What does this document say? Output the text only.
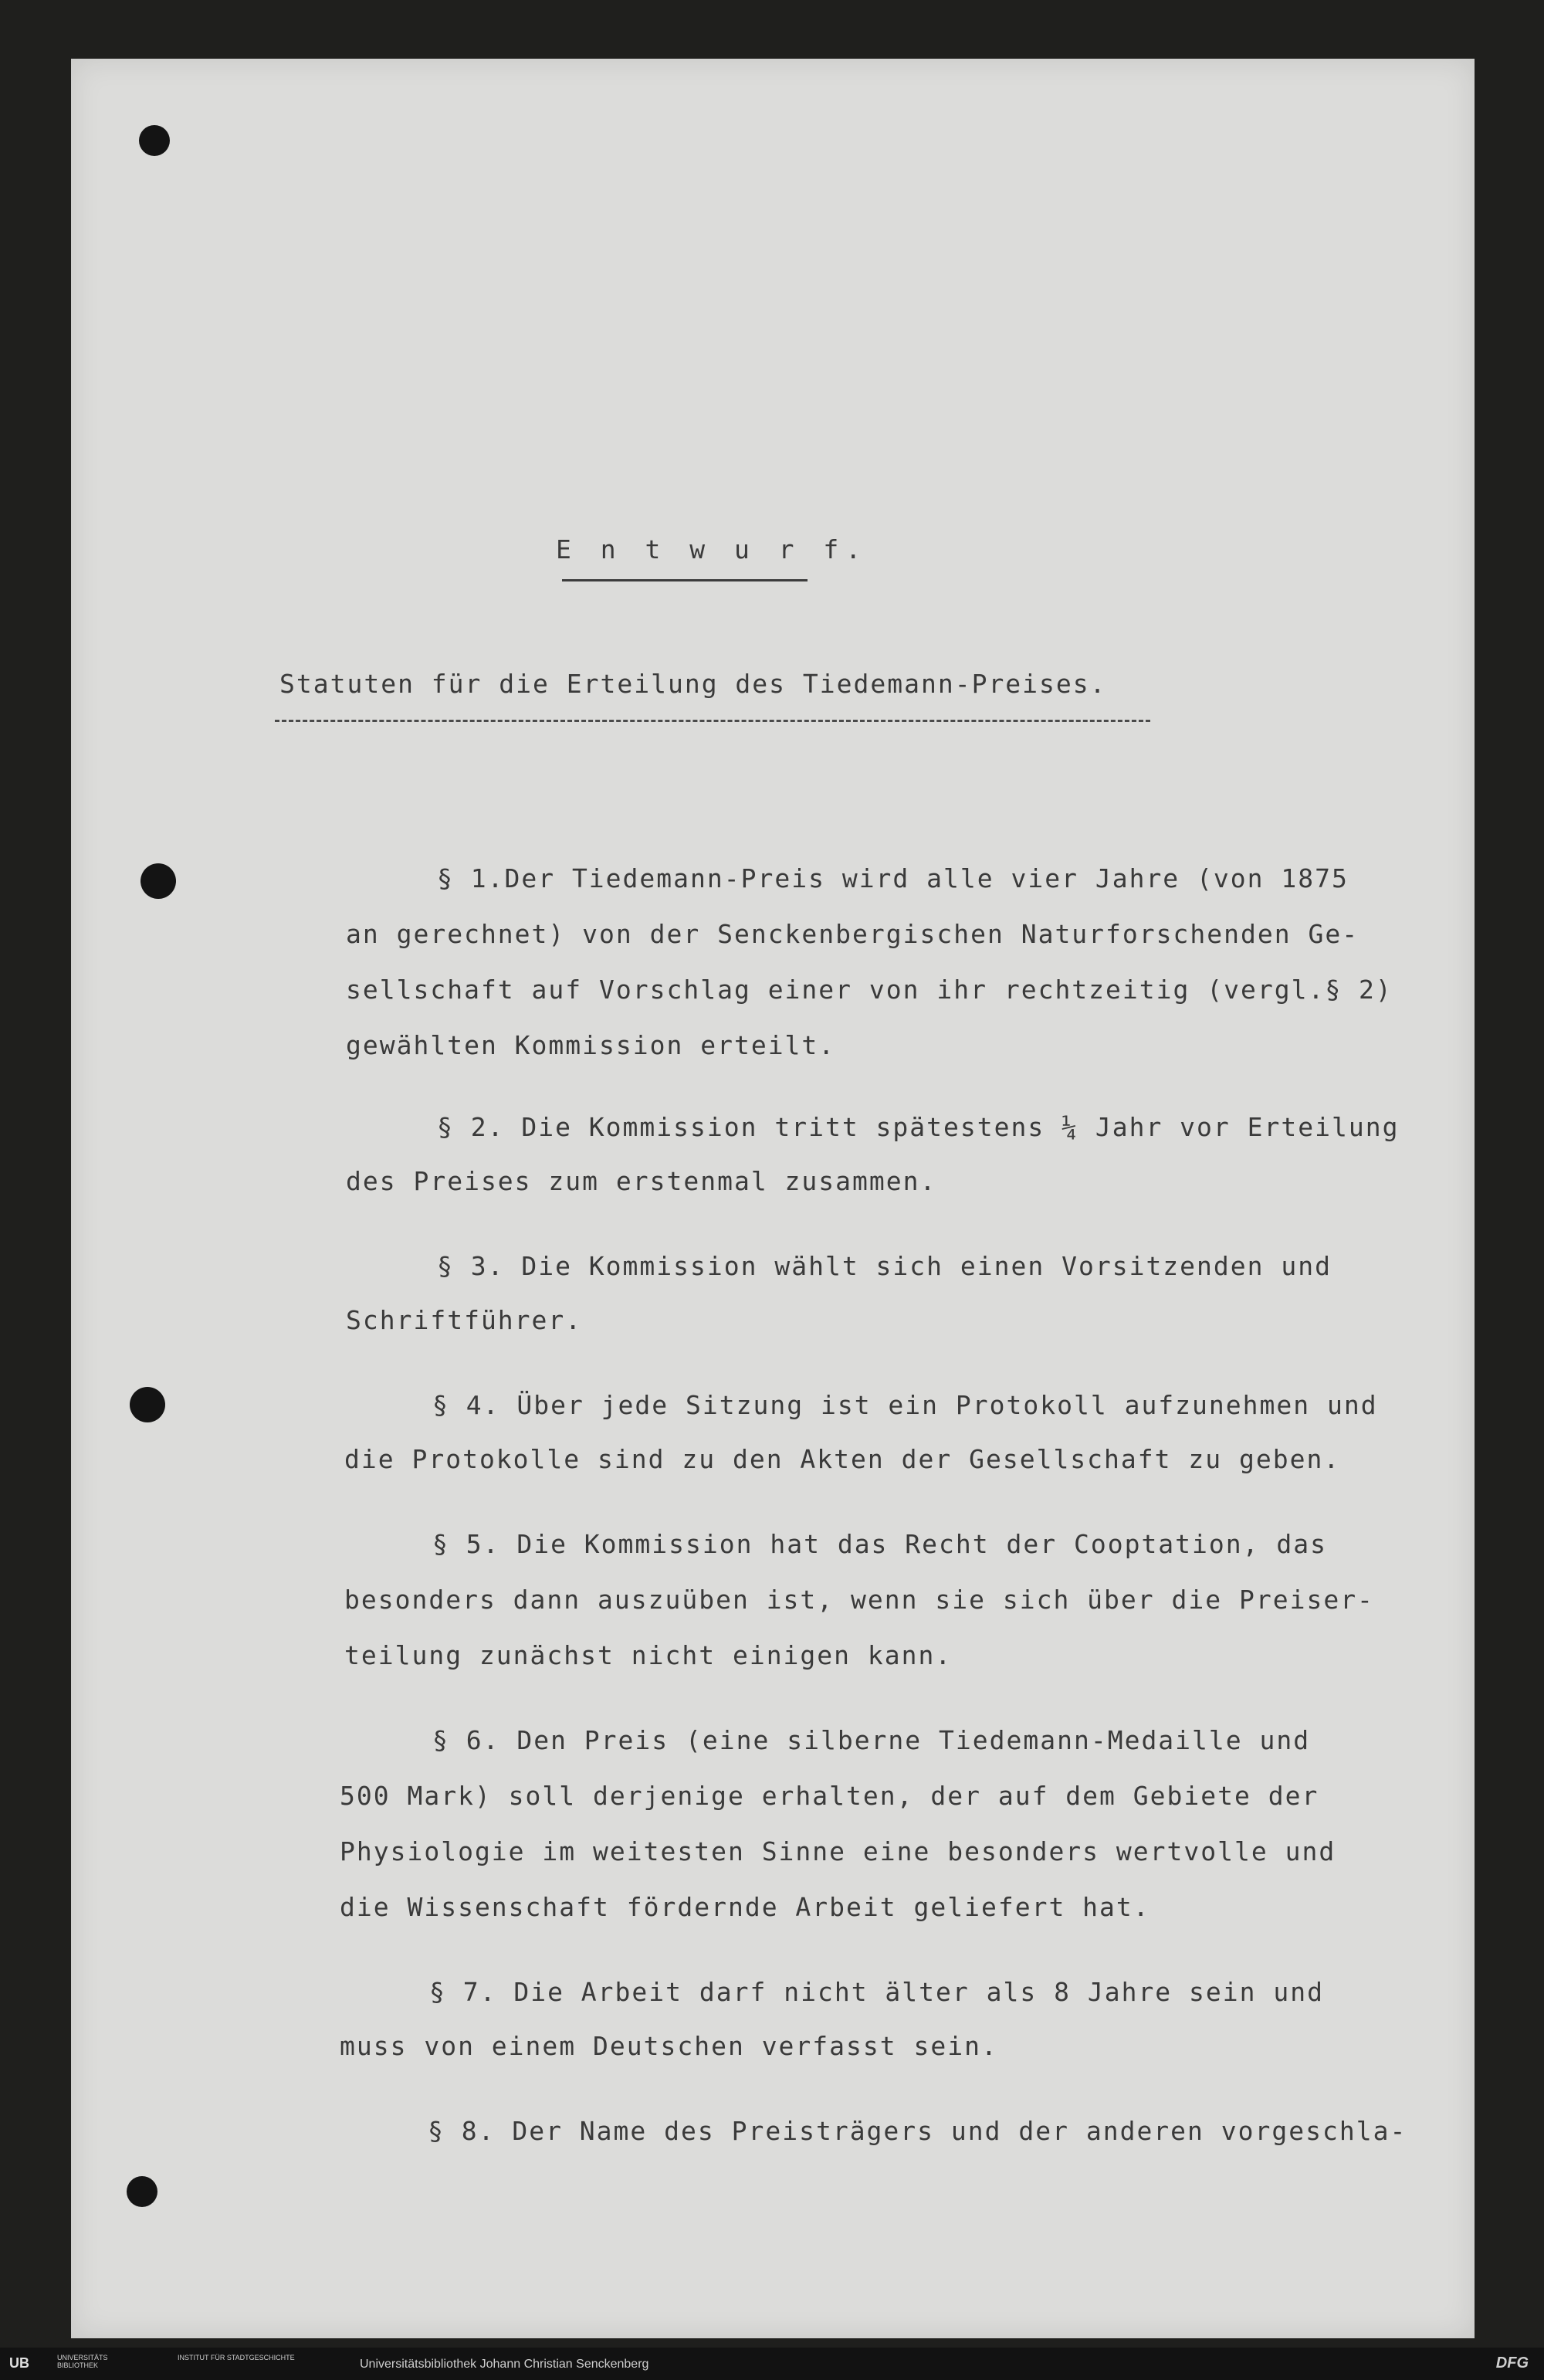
E n t w u r f.
Statuten für die Erteilung des Tiedemann-Preises.
§ 1.Der Tiedemann-Preis wird alle vier Jahre (von 1875
an gerechnet) von der Senckenbergischen Naturforschenden Ge-
sellschaft auf Vorschlag einer von ihr rechtzeitig (vergl.§ 2)
gewählten Kommission erteilt.
§ 2. Die Kommission tritt spätestens ¼ Jahr vor Erteilung
des Preises zum erstenmal zusammen.
§ 3. Die Kommission wählt sich einen Vorsitzenden und
Schriftführer.
§ 4. Über jede Sitzung ist ein Protokoll aufzunehmen und
die Protokolle sind zu den Akten der Gesellschaft zu geben.
§ 5. Die Kommission hat das Recht der Cooptation, das
besonders dann auszuüben ist, wenn sie sich über die Preiser-
teilung zunächst nicht einigen kann.
§ 6. Den Preis (eine silberne Tiedemann-Medaille und
500 Mark) soll derjenige erhalten, der auf dem Gebiete der
Physiologie im weitesten Sinne eine besonders wertvolle und
die Wissenschaft fördernde Arbeit geliefert hat.
§ 7. Die Arbeit darf nicht älter als 8 Jahre sein und
muss von einem Deutschen verfasst sein.
§ 8. Der Name des Preisträgers und der anderen vorgeschla-
UB	UNIVERSITÄTS BIBLIOTHEK
INSTITUT FÜR STADTGESCHICHTE	Universitätsbibliothek Johann Christian Senckenberg	DFG
